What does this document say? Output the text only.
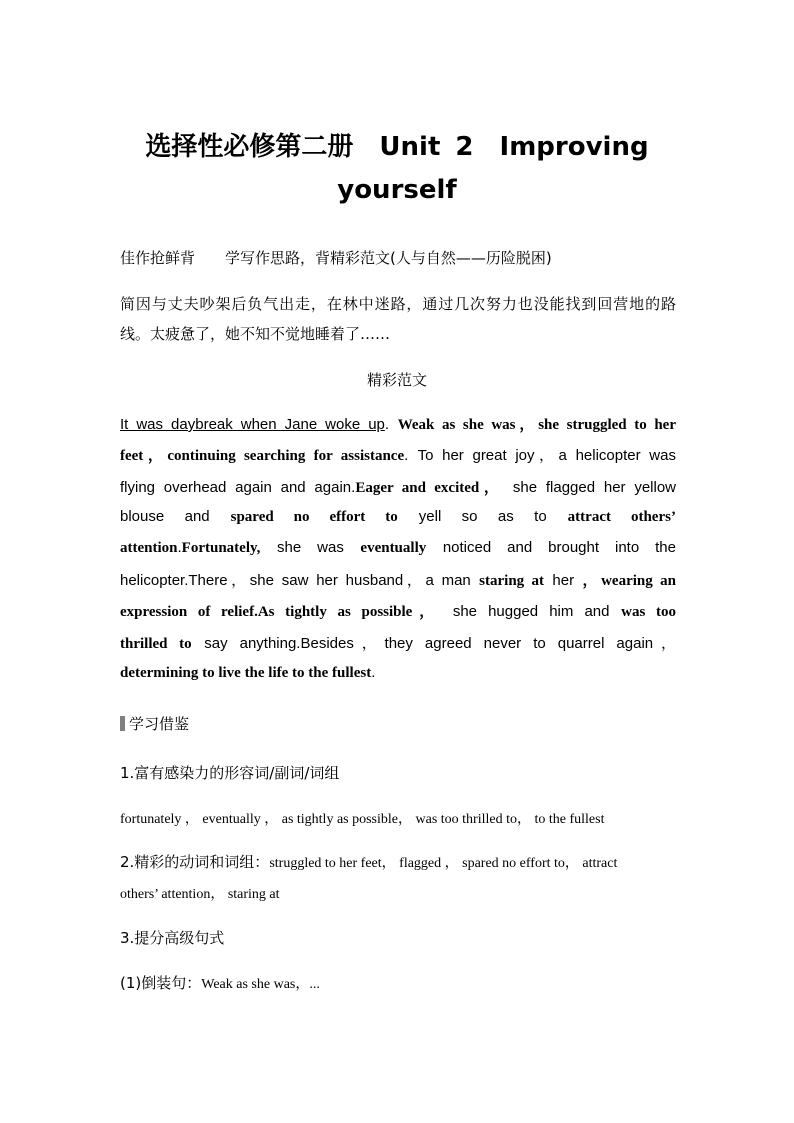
选择性必修第二册 Unit 2 Improving
yourself
佳作抢鲜背 学写作思路，背精彩范文(人与自然——历险脱困)
简因与丈夫吵架后负气出走，在林中迷路，通过几次努力也没能找到回营地的路
线。太疲惫了，她不知不觉地睡着了……
精彩范文
It was daybreak when Jane woke up. Weak as she was，she struggled to her
feet，continuing searching for assistance. To her great joy，a helicopter was
flying overhead again and again.Eager and excited， she flagged her yellow
blouse and spared no effort to yell so as to attract others’
attention.Fortunately, she was eventually noticed and brought into the
helicopter.There，she saw her husband，a man staring at her ，wearing an
expression of relief.As tightly as possible， she hugged him and was too
thrilled to say anything.Besides，they agreed never to quarrel again，
determining to live the life to the fullest.
学习借鉴
1.富有感染力的形容词/副词/词组
fortunately ， eventually ， as tightly as possible， was too thrilled to， to the fullest
2.精彩的动词和词组：struggled to her feet， flagged ， spared no effort to， attract
others’ attention， staring at
3.提分高级句式
(1)倒装句：Weak as she was，...
